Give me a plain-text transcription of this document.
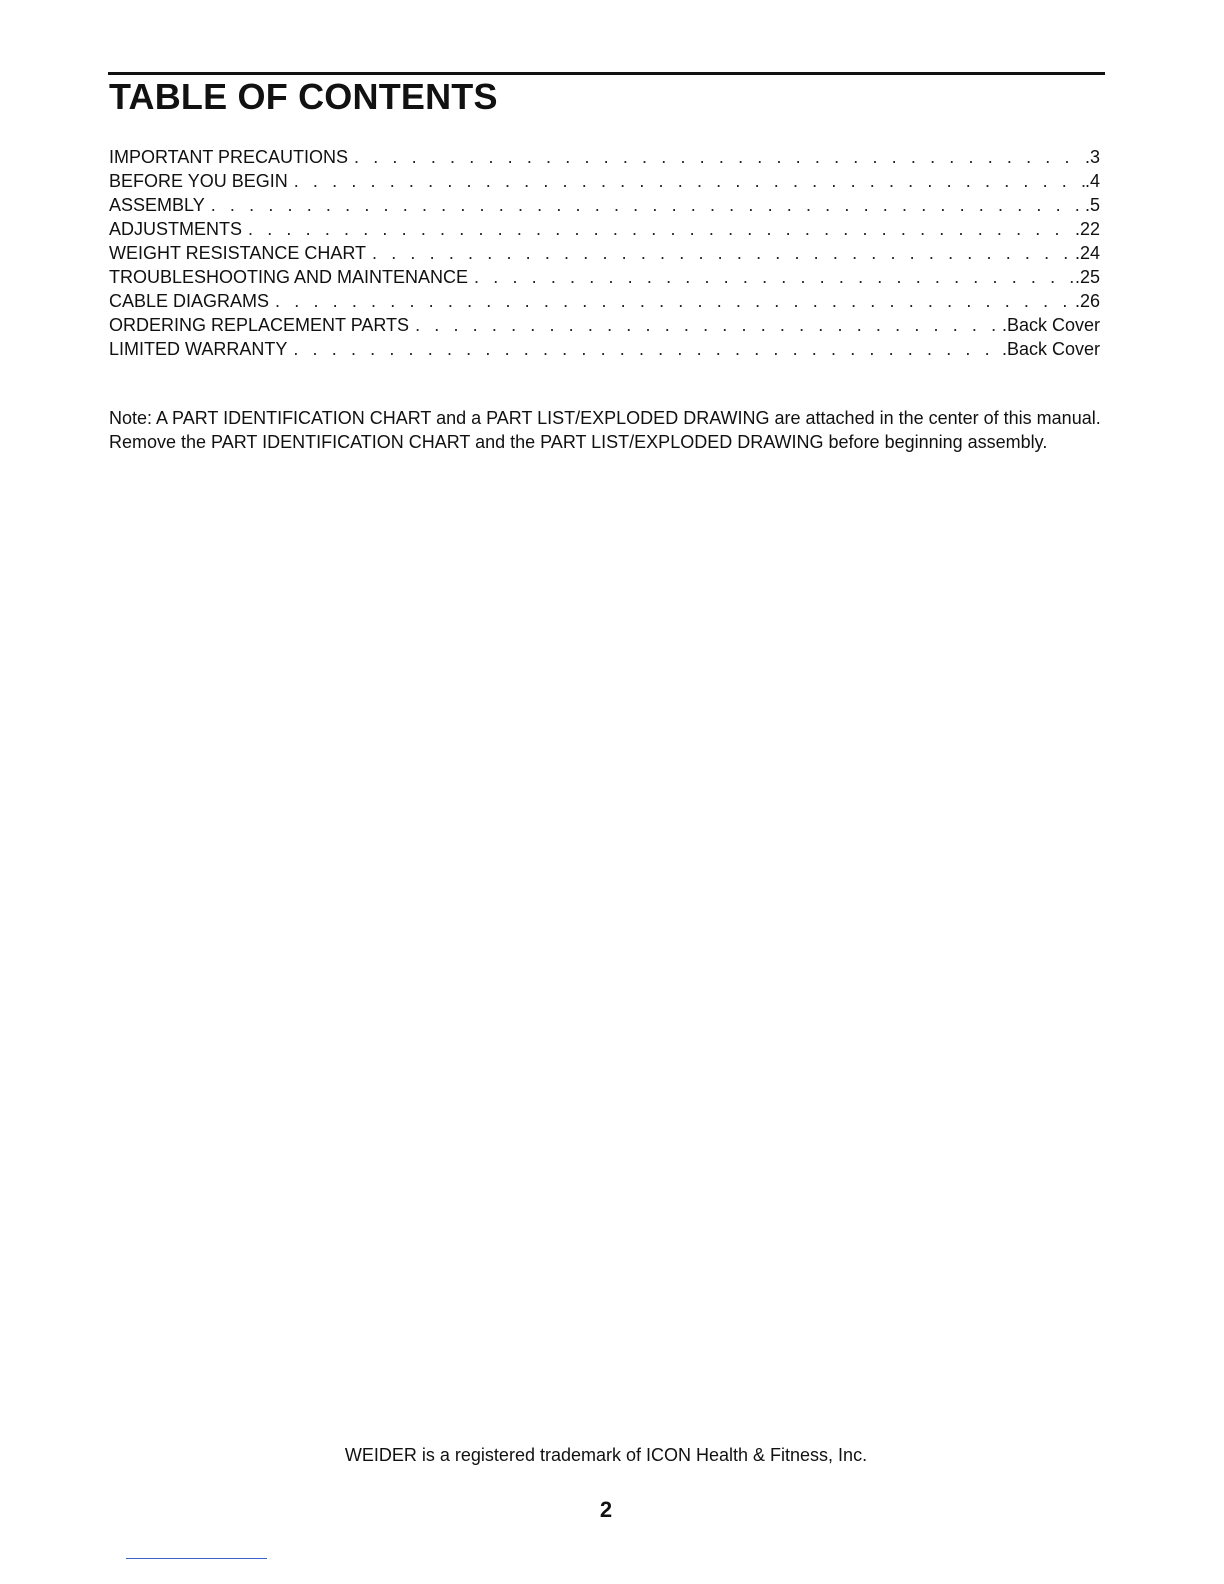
TABLE OF CONTENTS
IMPORTANT PRECAUTIONS . . .	. 3
BEFORE YOU BEGIN . . .	. 4
ASSEMBLY . . .	. 5
ADJUSTMENTS . . .	. 22
WEIGHT RESISTANCE CHART . . .	. 24
TROUBLESHOOTING AND MAINTENANCE . . .	. 25
CABLE DIAGRAMS . . .	. 26
ORDERING REPLACEMENT PARTS . . .	. Back Cover
LIMITED WARRANTY . . .	. Back Cover

Note: A PART IDENTIFICATION CHART and a PART LIST/EXPLODED DRAWING are attached in the center of this manual. Remove the PART IDENTIFICATION CHART and the PART LIST/EXPLODED DRAWING before beginning assembly.

WEIDER is a registered trademark of ICON Health & Fitness, Inc.
2
